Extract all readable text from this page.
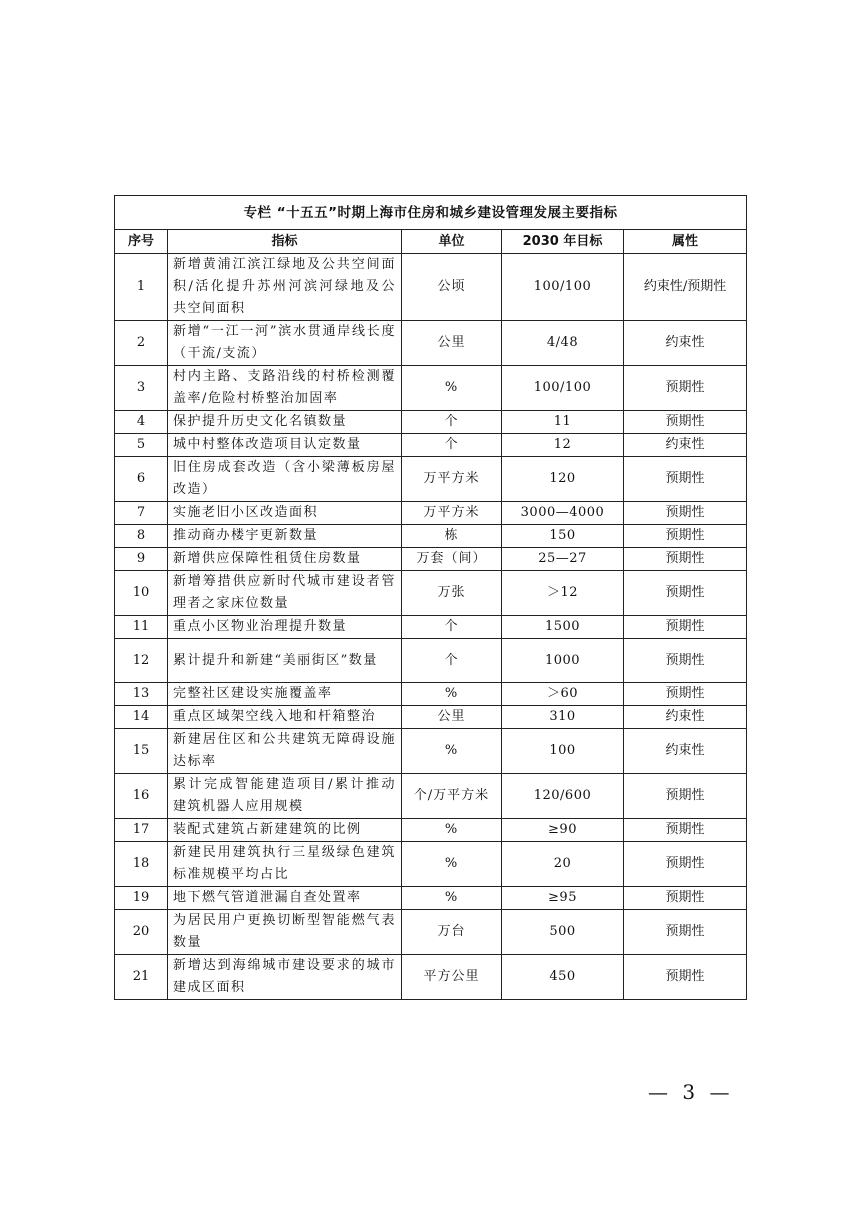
专栏 “十五五”时期上海市住房和城乡建设管理发展主要指标				
序号	指标	单位	2030 年目标	属性
1	新增黄浦江滨江绿地及公共空间面积/活化提升苏州河滨河绿地及公共空间面积	公顷	100/100	约束性/预期性
2	新增“一江一河”滨水贯通岸线长度（干流/支流）	公里	4/48	约束性
3	村内主路、支路沿线的村桥检测覆盖率/危险村桥整治加固率	%	100/100	预期性
4	保护提升历史文化名镇数量	个	11	预期性
5	城中村整体改造项目认定数量	个	12	约束性
6	旧住房成套改造（含小梁薄板房屋改造）	万平方米	120	预期性
7	实施老旧小区改造面积	万平方米	3000—4000	预期性
8	推动商办楼宇更新数量	栋	150	预期性
9	新增供应保障性租赁住房数量	万套（间）	25—27	预期性
10	新增筹措供应新时代城市建设者管理者之家床位数量	万张	＞12	预期性
11	重点小区物业治理提升数量	个	1500	预期性
12	累计提升和新建“美丽街区”数量	个	1000	预期性
13	完整社区建设实施覆盖率	%	＞60	预期性
14	重点区域架空线入地和杆箱整治	公里	310	约束性
15	新建居住区和公共建筑无障碍设施达标率	%	100	约束性
16	累计完成智能建造项目/累计推动建筑机器人应用规模	个/万平方米	120/600	预期性
17	装配式建筑占新建建筑的比例	%	≥90	预期性
18	新建民用建筑执行三星级绿色建筑标准规模平均占比	%	20	预期性
19	地下燃气管道泄漏自查处置率	%	≥95	预期性
20	为居民用户更换切断型智能燃气表数量	万台	500	预期性
21	新增达到海绵城市建设要求的城市建成区面积	平方公里	450	预期性
— 3 —
